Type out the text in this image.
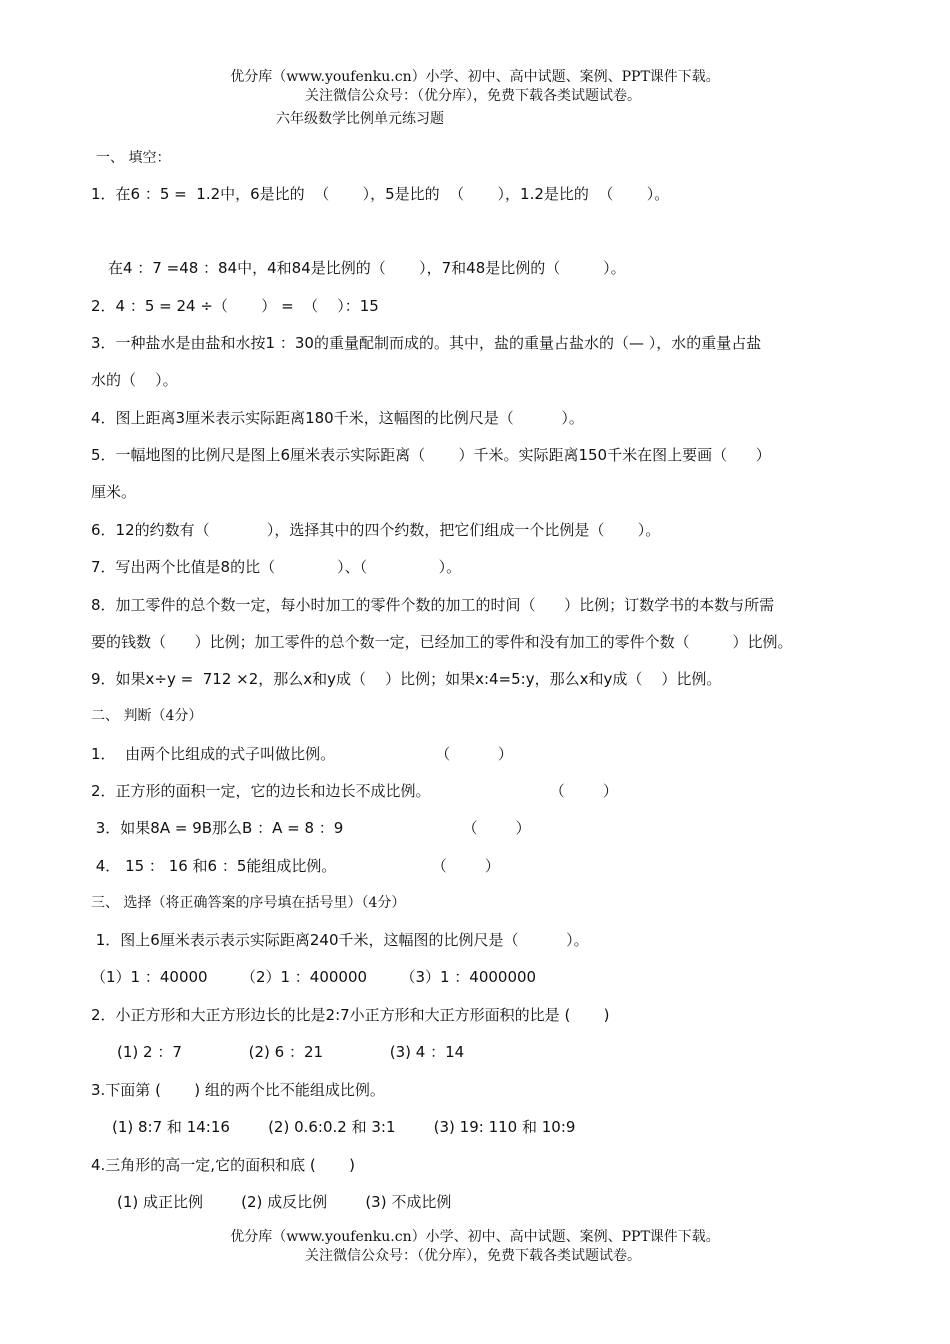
优分库（www.youfenku.cn）小学、初中、高中试题、案例、PPT课件下载。
关注微信公众号：（优分库），免费下载各类试题试卷。
六年级数学比例单元练习题
一、 填空：
1．在6 ：5 =  1.2中，6是比的  （       ），5是比的  （       ），1.2是比的  （       ）。
在4 ：7 =48 ：84中，4和84是比例的（       ），7和48是比例的（         ）。
2．4 ：5 = 24 ÷（       ） =  （    ）：15
3．一种盐水是由盐和水按1 ：30的重量配制而成的。其中，盐的重量占盐水的（— ），水的重量占盐
水的（    ）。
4．图上距离3厘米表示实际距离180千米，这幅图的比例尺是（          ）。
5．一幅地图的比例尺是图上6厘米表示实际距离（       ）千米。实际距离150千米在图上要画（      ）
厘米。
6．12的约数有（            ），选择其中的四个约数，把它们组成一个比例是（       ）。
7．写出两个比值是8的比（             ）、（               ）。
8．加工零件的总个数一定，每小时加工的零件个数的加工的时间（      ）比例；订数学书的本数与所需
要的钱数（      ）比例；加工零件的总个数一定，已经加工的零件和没有加工的零件个数（         ）比例。
9．如果x÷y =  712 ×2，那么x和y成（    ）比例；如果x:4=5:y，那么x和y成（    ）比例。
二、 判断（4分）
1．  由两个比组成的式子叫做比例。                     （          ）
2．正方形的面积一定，它的边长和边长不成比例。                         （        ）
3．如果8A = 9B那么B ：A = 8 ：9                         （        ）
4． 15 ： 16 和6 ：5能组成比例。                    （        ）
三、 选择（将正确答案的序号填在括号里）（4分）
1．图上6厘米表示表示实际距离240千米，这幅图的比例尺是（          ）。
（1）1 ：40000       （2）1 ：400000       （3）1 ：4000000
2．小正方形和大正方形边长的比是2:7小正方形和大正方形面积的比是 (       )
(1) 2 ：7              (2) 6 ：21              (3) 4 ：14
3.下面第 (       ) 组的两个比不能组成比例。
(1) 8:7 和 14:16        (2) 0.6:0.2 和 3:1        (3) 19: 110 和 10:9
4.三角形的高一定,它的面积和底 (       )
(1) 成正比例        (2) 成反比例        (3) 不成比例
优分库（www.youfenku.cn）小学、初中、高中试题、案例、PPT课件下载。
关注微信公众号：（优分库），免费下载各类试题试卷。
